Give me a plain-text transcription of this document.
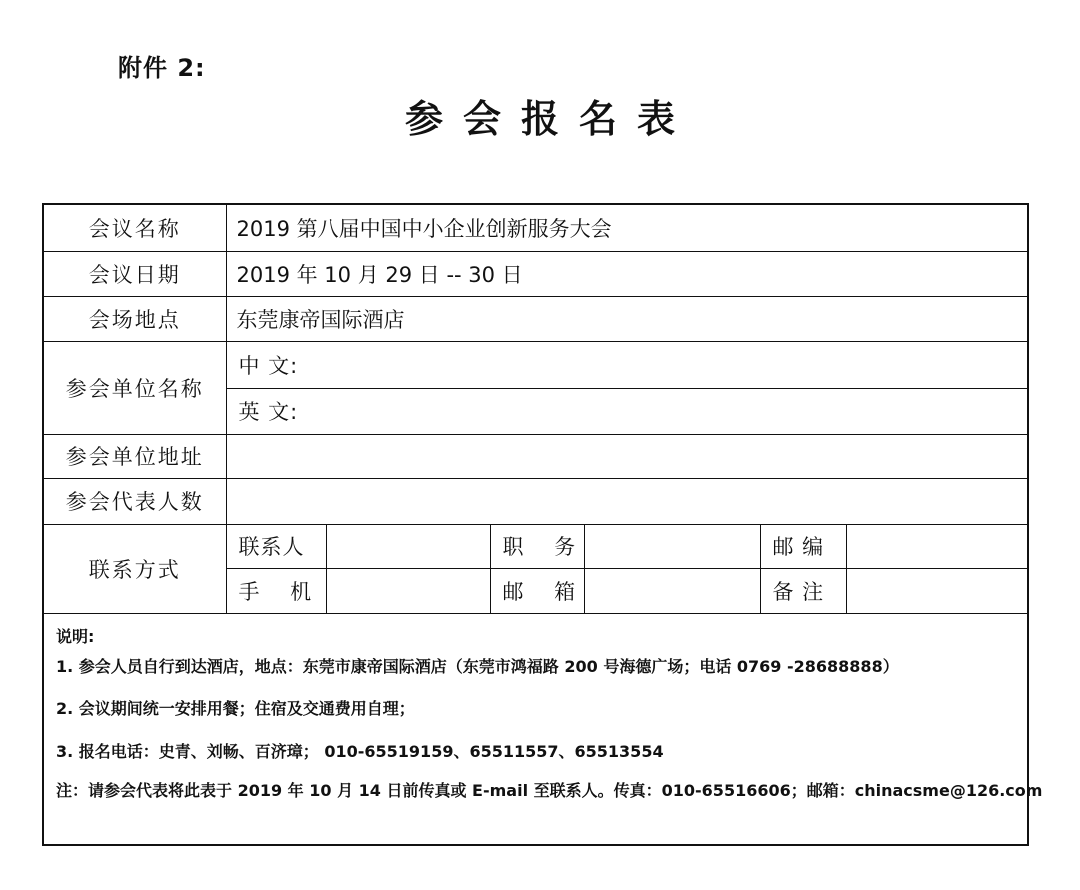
附件 2:
参会报名表
会议名称	2019 第八届中国中小企业创新服务大会					
会议日期	2019 年 10 月 29 日 -- 30 日					
会场地点	东莞康帝国际酒店					
参会单位名称	中 文:					
	英 文:					
参会单位地址						
参会代表人数						
联系方式	联系人		职　 务		邮 编	
	手　 机		邮　 箱		备 注	
说明:
1. 参会人员自行到达酒店，地点：东莞市康帝国际酒店（东莞市鸿福路 200 号海德广场；电话 0769 -28688888）
2. 会议期间统一安排用餐；住宿及交通费用自理；
3. 报名电话：史青、刘畅、百济璋； 010-65519159、65511557、65513554
注：请参会代表将此表于 2019 年 10 月 14 日前传真或 E-mail 至联系人。传真：010-65516606；邮箱：chinacsme@126.com
